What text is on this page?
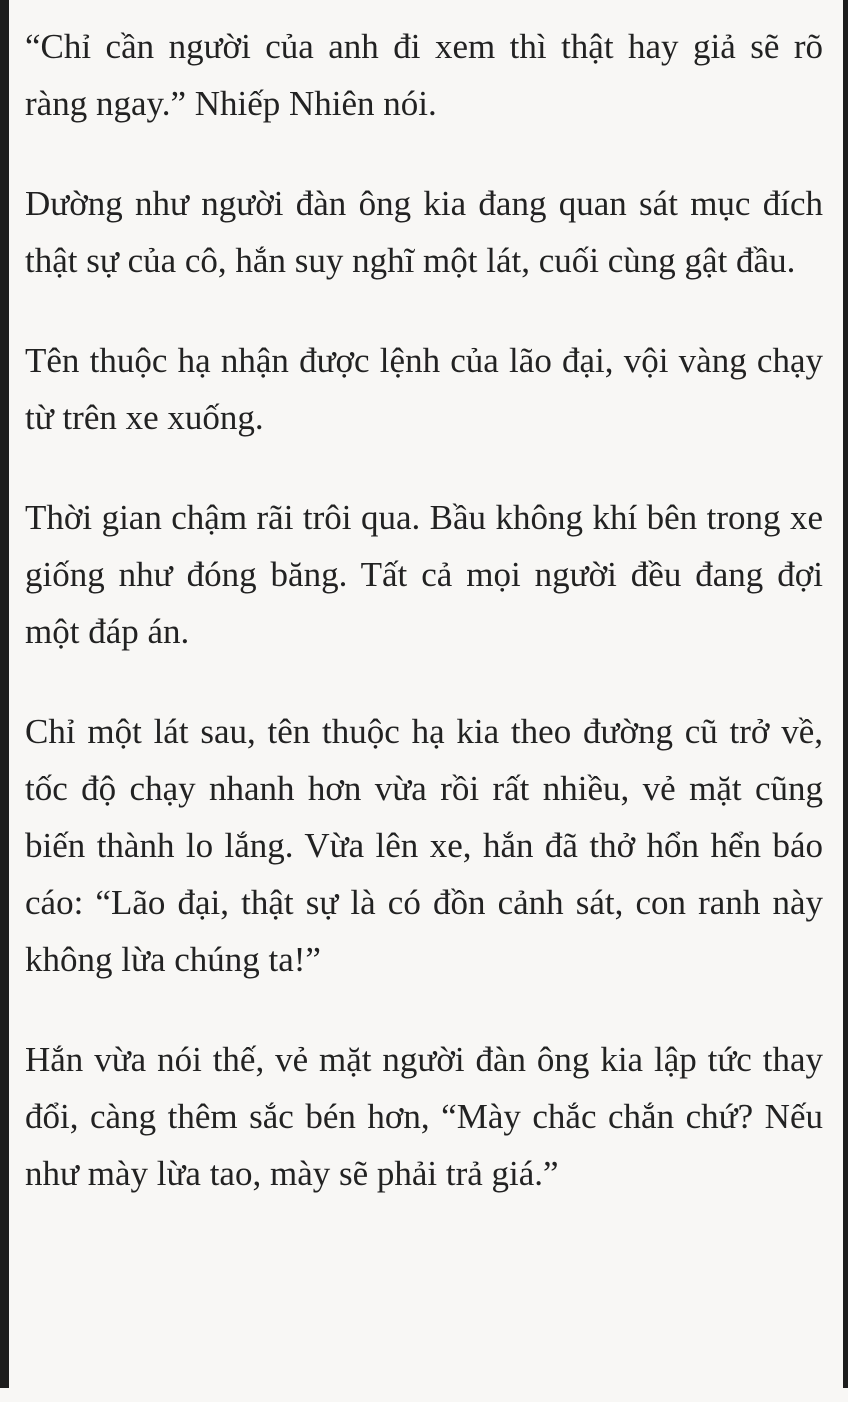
“Chỉ cần người của anh đi xem thì thật hay giả sẽ rõ ràng ngay.” Nhiếp Nhiên nói.

Dường như người đàn ông kia đang quan sát mục đích thật sự của cô, hắn suy nghĩ một lát, cuối cùng gật đầu.

Tên thuộc hạ nhận được lệnh của lão đại, vội vàng chạy từ trên xe xuống.

Thời gian chậm rãi trôi qua. Bầu không khí bên trong xe giống như đóng băng. Tất cả mọi người đều đang đợi một đáp án.

Chỉ một lát sau, tên thuộc hạ kia theo đường cũ trở về, tốc độ chạy nhanh hơn vừa rồi rất nhiều, vẻ mặt cũng biến thành lo lắng. Vừa lên xe, hắn đã thở hổn hển báo cáo: “Lão đại, thật sự là có đồn cảnh sát, con ranh này không lừa chúng ta!”

Hắn vừa nói thế, vẻ mặt người đàn ông kia lập tức thay đổi, càng thêm sắc bén hơn, “Mày chắc chắn chứ? Nếu như mày lừa tao, mày sẽ phải trả giá.”
